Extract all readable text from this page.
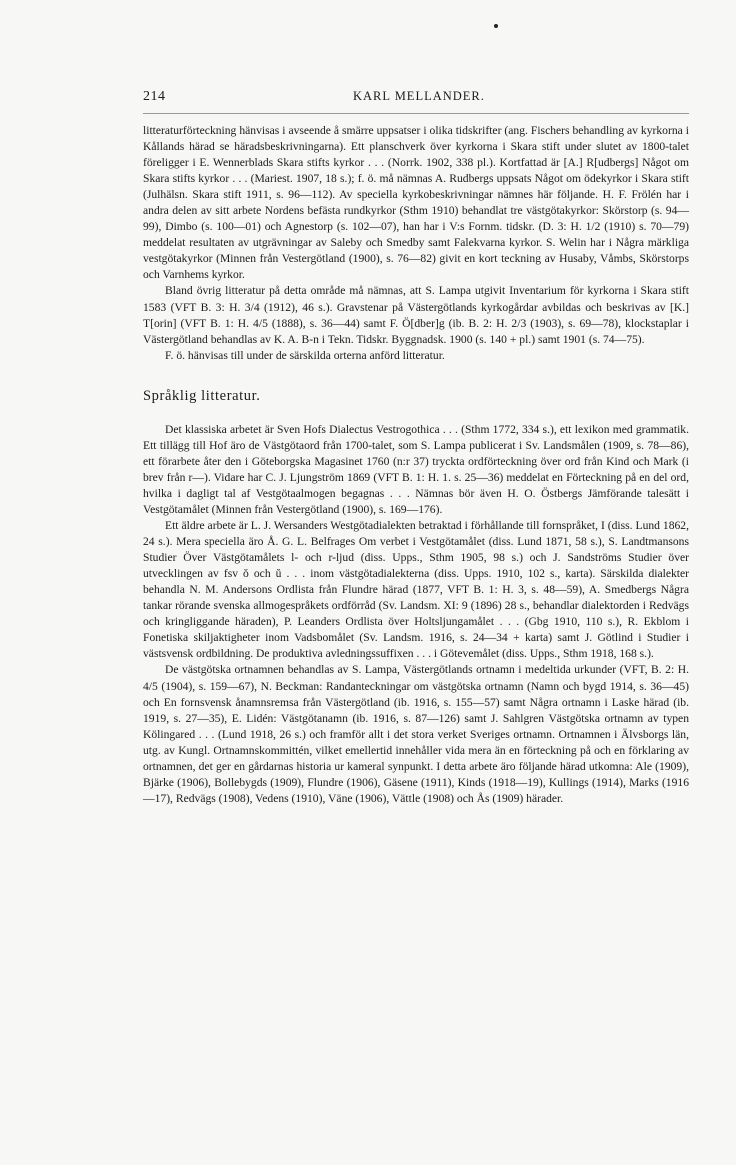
214	KARL MELLANDER.

litteraturförteckning hänvisas i avseende å smärre uppsatser i olika tidskrifter (ang. Fischers behandling av kyrkorna i Kållands härad se häradsbeskrivningarna). Ett planschverk över kyrkorna i Skara stift under slutet av 1800-talet föreligger i E. Wennerblads Skara stifts kyrkor . . . (Norrk. 1902, 338 pl.). Kortfattad är [A.] R[udbergs] Något om Skara stifts kyrkor . . . (Mariest. 1907, 18 s.); f. ö. må nämnas A. Rudbergs uppsats Något om ödekyrkor i Skara stift (Julhälsn. Skara stift 1911, s. 96—112). Av speciella kyrkobeskrivningar nämnes här följande. H. F. Frölén har i andra delen av sitt arbete Nordens befästa rundkyrkor (Sthm 1910) behandlat tre västgötakyrkor: Skörstorp (s. 94—99), Dimbo (s. 100—01) och Agnestorp (s. 102—07), han har i V:s Fornm. tidskr. (D. 3: H. 1/2 (1910) s. 70—79) meddelat resultaten av utgrävningar av Saleby och Smedby samt Falekvarna kyrkor. S. Welin har i Några märkliga vestgötakyrkor (Minnen från Vestergötland (1900), s. 76—82) givit en kort teckning av Husaby, Våmbs, Skörstorps och Varnhems kyrkor.

Bland övrig litteratur på detta område må nämnas, att S. Lampa utgivit Inventarium för kyrkorna i Skara stift 1583 (VFT B. 3: H. 3/4 (1912), 46 s.). Gravstenar på Västergötlands kyrkogårdar avbildas och beskrivas av [K.] T[orin] (VFT B. 1: H. 4/5 (1888), s. 36—44) samt F. Ö[dber]g (ib. B. 2: H. 2/3 (1903), s. 69—78), klockstaplar i Västergötland behandlas av K. A. B-n i Tekn. Tidskr. Byggnadsk. 1900 (s. 140 + pl.) samt 1901 (s. 74—75).

F. ö. hänvisas till under de särskilda orterna anförd litteratur.

Språklig litteratur.

Det klassiska arbetet är Sven Hofs Dialectus Vestrogothica . . . (Sthm 1772, 334 s.), ett lexikon med grammatik. Ett tillägg till Hof äro de Västgötaord från 1700-talet, som S. Lampa publicerat i Sv. Landsmålen (1909, s. 78—86), ett förarbete åter den i Göteborgska Magasinet 1760 (n:r 37) tryckta ordförteckning över ord från Kind och Mark (i brev från r—). Vidare har C. J. Ljungström 1869 (VFT B. 1: H. 1. s. 25—36) meddelat en Förteckning på en del ord, hvilka i dagligt tal af Vestgötaalmogen begagnas . . . Nämnas bör även H. O. Östbergs Jämförande talesätt i Vestgötamålet (Minnen från Vestergötland (1900), s. 169—176).

Ett äldre arbete är L. J. Wersanders Westgötadialekten betraktad i förhållande till fornspråket, I (diss. Lund 1862, 24 s.). Mera speciella äro Å. G. L. Belfrages Om verbet i Vestgötamålet (diss. Lund 1871, 58 s.), S. Landtmansons Studier Över Västgötamålets l- och r-ljud (diss. Upps., Sthm 1905, 98 s.) och J. Sandströms Studier över utvecklingen av fsv ŏ och ŭ . . . inom västgötadialekterna (diss. Upps. 1910, 102 s., karta). Särskilda dialekter behandla N. M. Andersons Ordlista från Flundre härad (1877, VFT B. 1: H. 3, s. 48—59), A. Smedbergs Några tankar rörande svenska allmogespråkets ordförråd (Sv. Landsm. XI: 9 (1896) 28 s., behandlar dialektorden i Redvägs och kringliggande häraden), P. Leanders Ordlista över Holtsljungamålet . . . (Gbg 1910, 110 s.), R. Ekblom i Fonetiska skiljaktigheter inom Vadsbomålet (Sv. Landsm. 1916, s. 24—34 + karta) samt J. Götlind i Studier i västsvensk ordbildning. De produktiva avledningssuffixen . . . i Götevemålet (diss. Upps., Sthm 1918, 168 s.).

De västgötska ortnamnen behandlas av S. Lampa, Västergötlands ortnamn i medeltida urkunder (VFT, B. 2: H. 4/5 (1904), s. 159—67), N. Beckman: Randanteckningar om västgötska ortnamn (Namn och bygd 1914, s. 36—45) och En fornsvensk ånamnsremsa från Västergötland (ib. 1916, s. 155—57) samt Några ortnamn i Laske härad (ib. 1919, s. 27—35), E. Lidén: Västgötanamn (ib. 1916, s. 87—126) samt J. Sahlgren Västgötska ortnamn av typen Kölingared . . . (Lund 1918, 26 s.) och framför allt i det stora verket Sveriges ortnamn. Ortnamnen i Älvsborgs län, utg. av Kungl. Ortnamnskommittén, vilket emellertid innehåller vida mera än en förteckning på och en förklaring av ortnamnen, det ger en gårdarnas historia ur kameral synpunkt. I detta arbete äro följande härad utkomna: Ale (1909), Bjärke (1906), Bollebygds (1909), Flundre (1906), Gäsene (1911), Kinds (1918—19), Kullings (1914), Marks (1916—17), Redvägs (1908), Vedens (1910), Väne (1906), Vättle (1908) och Ås (1909) härader.
